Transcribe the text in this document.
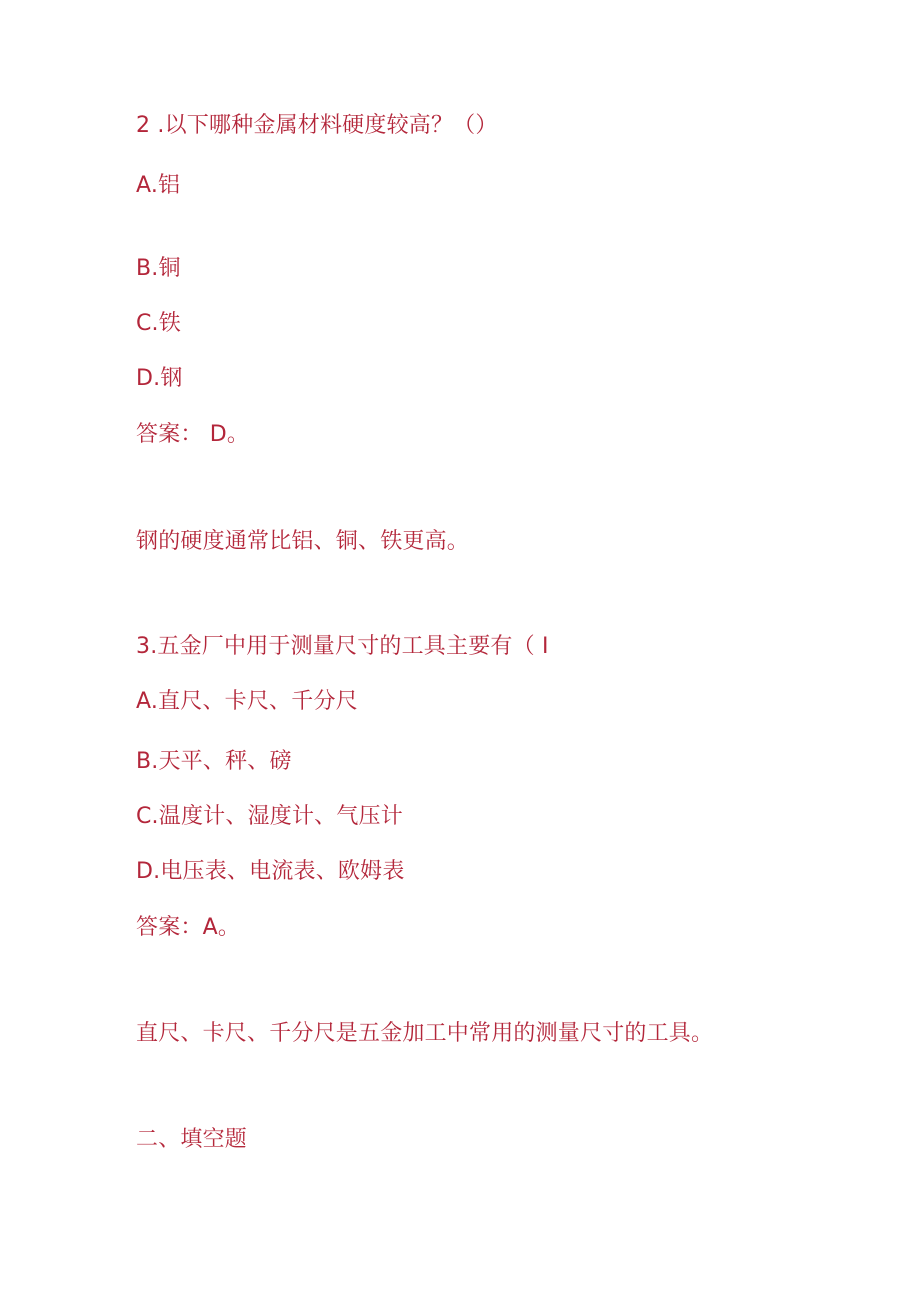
2 .以下哪种金属材料硬度较高？（）
A.铝
B.铜
C.铁
D.钢
答案： D。
钢的硬度通常比铝、铜、铁更高。
3.五金厂中用于测量尺寸的工具主要有（ I
A.直尺、卡尺、千分尺
B.天平、秤、磅
C.温度计、湿度计、气压计
D.电压表、电流表、欧姆表
答案：A。
直尺、卡尺、千分尺是五金加工中常用的测量尺寸的工具。
二、填空题
